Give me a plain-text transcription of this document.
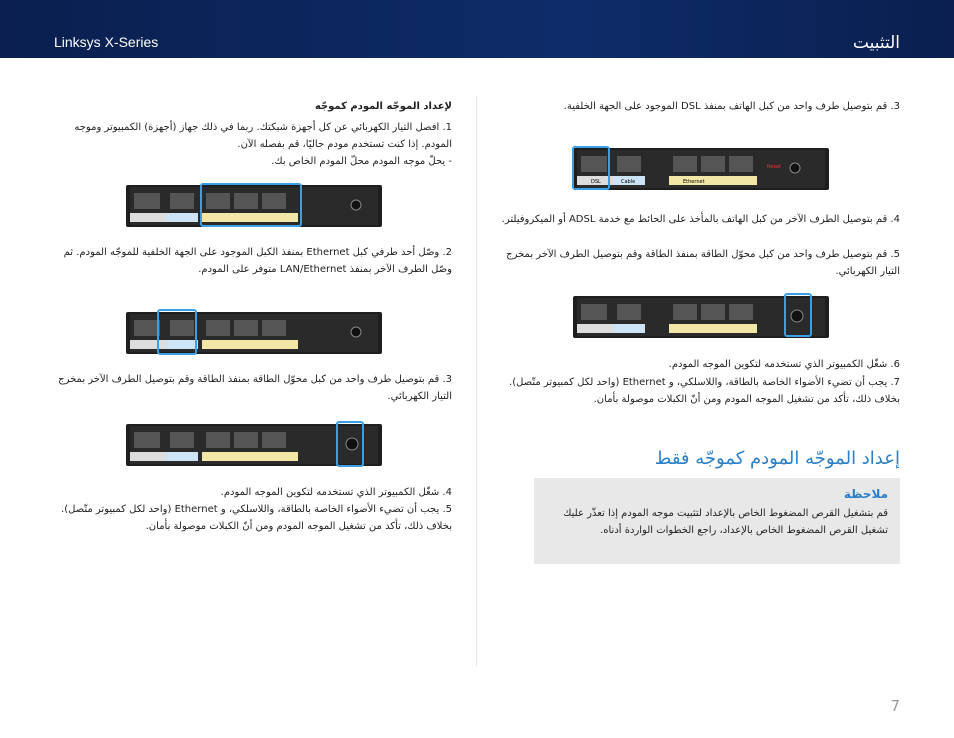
Linksys X-Series	التثبيت

3. قم بتوصيل طرف واحد من كبل الهاتف بمنفذ DSL الموجود على الجهة الخلفية.

DSL	Cable	Ethernet
Reset

4. قم بتوصيل الطرف الآخر من كبل الهاتف بالمأخذ على الحائط مع خدمة ADSL أو الميكروفيلتر.

5. قم بتوصيل طرف واحد من كبل محوّل الطاقة بمنفذ الطاقة وقم بتوصيل الطرف الآخر بمخرج التيار الكهربائي.

6. شغّل الكمبيوتر الذي تستخدمه لتكوين الموجه المودم.

7. يجب أن تضيء الأضواء الخاصة بالطاقة، واللاسلكي، و Ethernet (واحد لكل كمبيوتر متّصل). بخلاف ذلك، تأكد من تشغيل الموجه المودم ومن أنّ الكبلات موصولة بأمان.

إعداد الموجّه المودم كموجّه فقط
ملاحظة

قم بتشغيل القرص المضغوط الخاص بالإعداد لتثبيت موجه المودم إذا تعذّر عليك تشغيل القرص المضغوط الخاص بالإعداد، راجع الخطوات الواردة أدناه.

لإعداد الموجّه المودم كموجّه

1. افصل التيار الكهربائي عن كل أجهزة شبكتك. ربما في ذلك جهاز (أجهزة) الكمبيوتر وموجه المودم. إذا كنت تستخدم مودم حاليًا، قم بفصله الآن.

- يحلّ موجه المودم محلّ المودم الخاص بك.

2. وصّل أحد طرفي كبل Ethernet بمنفذ الكبل الموجود على الجهة الخلفية للموجّه المودم. ثم وصّل الطرف الآخر بمنفذ LAN/Ethernet متوفر على المودم.

3. قم بتوصيل طرف واحد من كبل محوّل الطاقة بمنفذ الطاقة وقم بتوصيل الطرف الآخر بمخرج التيار الكهربائي.

4. شغّل الكمبيوتر الذي تستخدمه لتكوين الموجه المودم.

5. يجب أن تضيء الأضواء الخاصة بالطاقة، واللاسلكي، و Ethernet (واحد لكل كمبيوتر متّصل). بخلاف ذلك، تأكد من تشغيل الموجه المودم ومن أنّ الكبلات موصولة بأمان.

7
